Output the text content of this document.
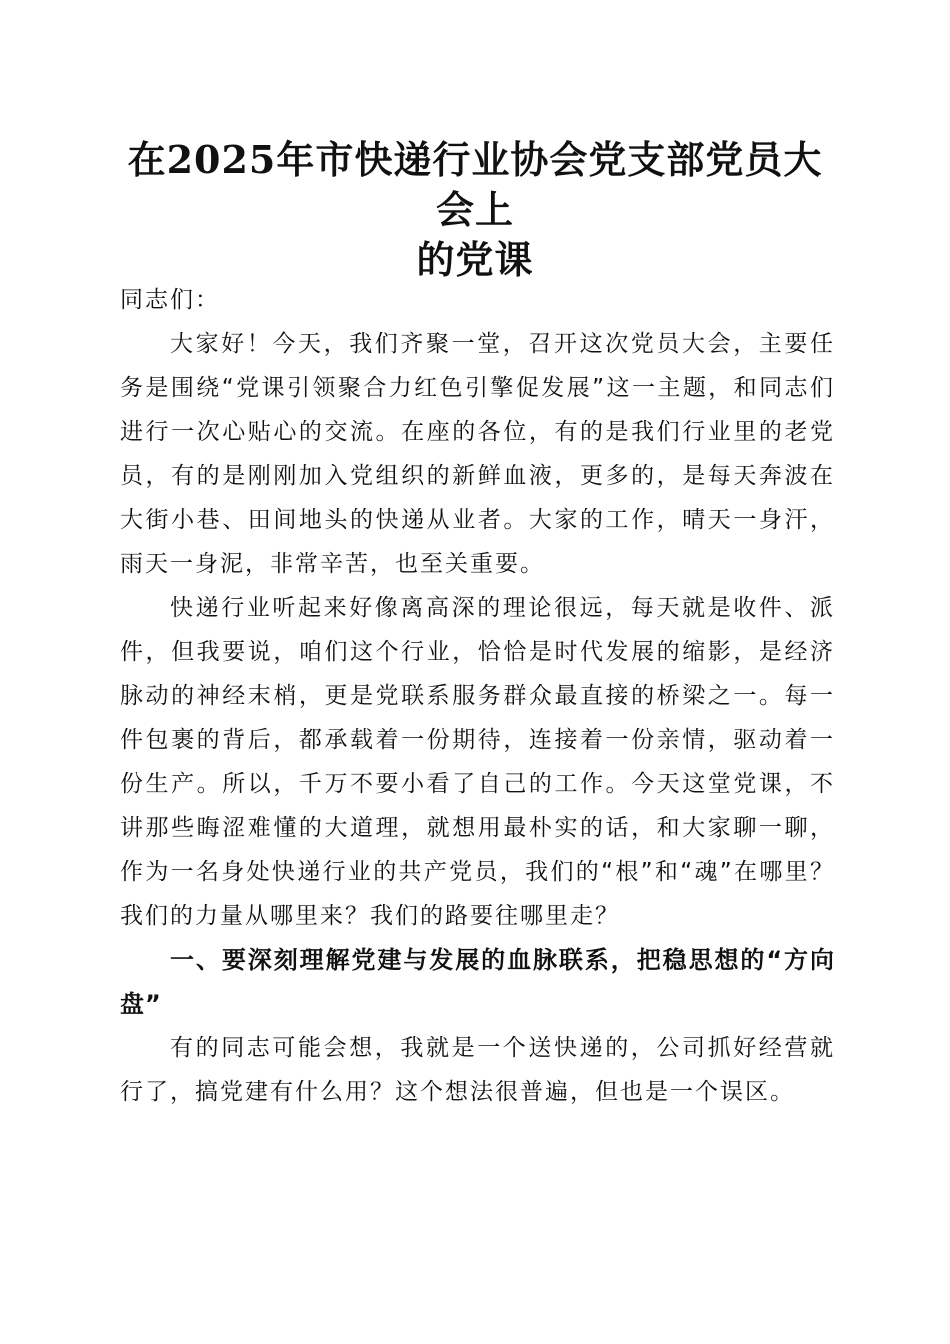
在2025年市快递行业协会党支部党员大会上
的党课

同志们：

大家好！今天，我们齐聚一堂，召开这次党员大会，主要任务是围绕“党课引领聚合力红色引擎促发展”这一主题，和同志们进行一次心贴心的交流。在座的各位，有的是我们行业里的老党员，有的是刚刚加入党组织的新鲜血液，更多的，是每天奔波在大街小巷、田间地头的快递从业者。大家的工作，晴天一身汗，雨天一身泥，非常辛苦，也至关重要。

快递行业听起来好像离高深的理论很远，每天就是收件、派件，但我要说，咱们这个行业，恰恰是时代发展的缩影，是经济脉动的神经末梢，更是党联系服务群众最直接的桥梁之一。每一件包裹的背后，都承载着一份期待，连接着一份亲情，驱动着一份生产。所以，千万不要小看了自己的工作。今天这堂党课，不讲那些晦涩难懂的大道理，就想用最朴实的话，和大家聊一聊，作为一名身处快递行业的共产党员，我们的“根”和“魂”在哪里？我们的力量从哪里来？我们的路要往哪里走？

一、要深刻理解党建与发展的血脉联系，把稳思想的“方向盘”

有的同志可能会想，我就是一个送快递的，公司抓好经营就行了，搞党建有什么用？这个想法很普遍，但也是一个误区。
